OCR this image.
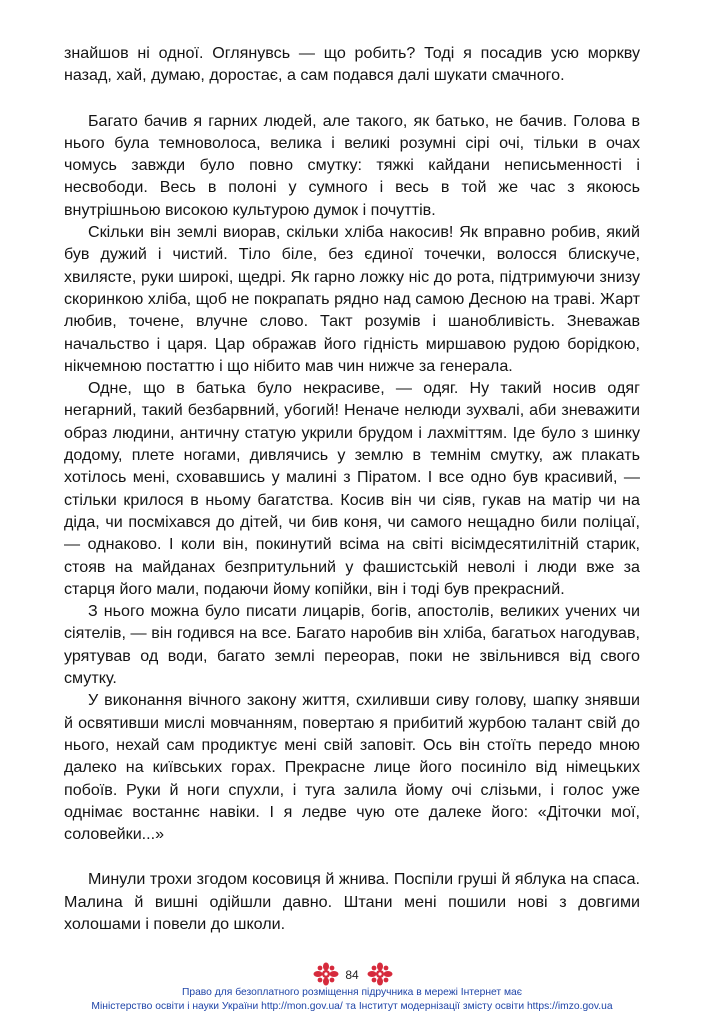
знайшов ні одної. Оглянувсь — що робить? Тоді я посадив усю моркву назад, хай, думаю, доростає, а сам подався далі шукати смачного.

Багато бачив я гарних людей, але такого, як батько, не бачив. Голова в нього була темноволоса, велика і великі розумні сірі очі, тільки в очах чомусь завжди було повно смутку: тяжкі кайдани неписьменності і несвободи. Весь в полоні у сумного і весь в той же час з якоюсь внутрішньою високою культурою думок і почуттів.

Скільки він землі виорав, скільки хліба накосив! Як вправно робив, який був дужий і чистий. Тіло біле, без єдиної точечки, волосся блискуче, хвилясте, руки широкі, щедрі. Як гарно ложку ніс до рота, підтримуючи знизу скоринкою хліба, щоб не покрапать рядно над самою Десною на траві. Жарт любив, точене, влучне слово. Такт розумів і шанобливість. Зневажав начальство і царя. Цар ображав його гідність миршавою рудою борідкою, нікчемною постаттю і що нібито мав чин нижче за генерала.

Одне, що в батька було некрасиве, — одяг. Ну такий носив одяг негарний, такий безбарвний, убогий! Неначе нелюди зухвалі, аби зневажити образ людини, античну статую укрили брудом і лахміттям. Іде було з шинку додому, плете ногами, дивлячись у землю в темнім смутку, аж плакать хотілось мені, сховавшись у малині з Піратом. І все одно був красивий, — стільки крилося в ньому багатства. Косив він чи сіяв, гукав на матір чи на діда, чи посміхався до дітей, чи бив коня, чи самого нещадно били поліцаї, — однаково. І коли він, покинутий всіма на світі вісімдесятилітній старик, стояв на майданах безпритульний у фашистській неволі і люди вже за старця його мали, подаючи йому копійки, він і тоді був прекрасний.

З нього можна було писати лицарів, богів, апостолів, великих учених чи сіятелів, — він годився на все. Багато наробив він хліба, багатьох нагодував, урятував од води, багато землі переорав, поки не звільнився від свого смутку.

У виконання вічного закону життя, схиливши сиву голову, шапку знявши й освятивши мислі мовчанням, повертаю я прибитий журбою талант свій до нього, нехай сам продиктує мені свій заповіт. Ось він стоїть передо мною далеко на київських горах. Прекрасне лице його посиніло від німецьких побоїв. Руки й ноги спухли, і туга залила йому очі слізьми, і голос уже однімає востаннє навіки. І я ледве чую оте далеке його: «Діточки мої, соловейки...»

Минули трохи згодом косовиця й жнива. Поспіли груші й яблука на спаса. Малина й вишні одійшли давно. Штани мені пошили нові з довгими холошами і повели до школи.

84
Право для безоплатного розміщення підручника в мережі Інтернет має
Міністерство освіти і науки України http://mon.gov.ua/ та Інститут модернізації змісту освіти https://imzo.gov.ua
